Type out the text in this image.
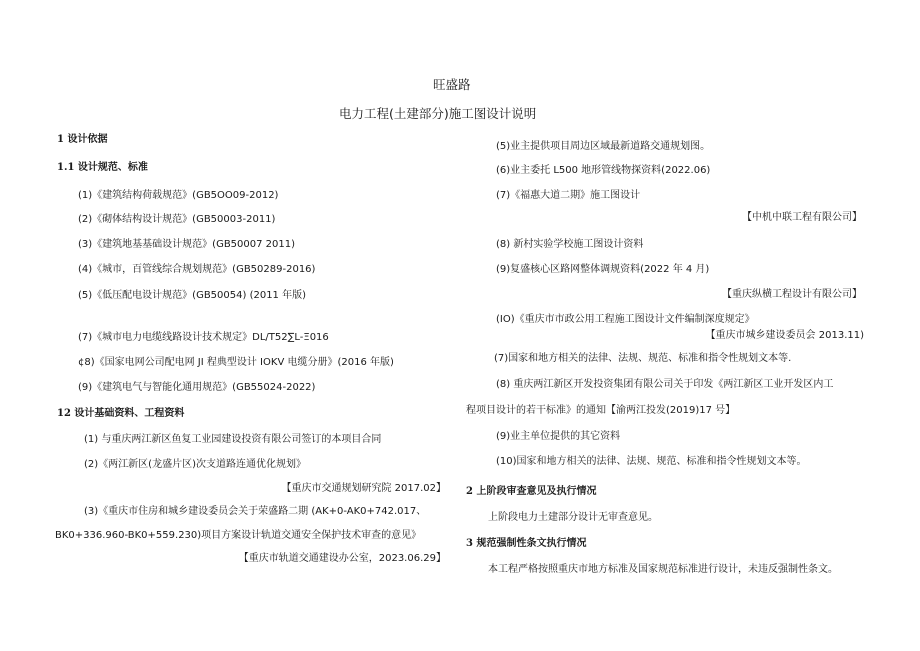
旺盛路
电力工程(土建部分)施工图设计说明
1 设计依据
1.1 设计规范、标准
(1)《建筑结构荷载规范》(GB5OO09-2012)
(2)《砌体结构设计规范》(GB50003-2011)
(3)《建筑地基基础设计规范》(GB50007 2011)
(4)《城市，百管线综合规划规范》(GB50289-2016)
(5)《低压配电设计规范》(GB50054) (2011 年版)
(7)《城市电力电缆线路设计技术规定》DL/T52∑L-Ξ016
¢8)《国家电网公司配电网 JI 程典型设计 IOKV 电缆分册》(2016 年版)
(9)《建筑电气与智能化通用规范》(GB55024-2022)
12 设计基础资料、工程资料
(1) 与重庆两江新区鱼复工业园建设投资有限公司签订的本项目合同
(2)《两江新区(龙盛片区)次支道路连通优化规划》
【重庆市交通规划研究院 2017.02】
(3)《重庆市住房和城乡建设委员会关于荣盛路二期 (AK+0-AK0+742.017、
BK0+336.960-BK0+559.230)项目方案设计轨道交通安全保护技术审查的意见》
【重庆市轨道交通建设办公室，2023.06.29】
(5)业主提供项目周边区域最新道路交通规划图。
(6)业主委托 L500 地形管线物探资料(2022.06)
(7)《福惠大道二期》施工图设计
【中机中联工程有限公司】
(8) 新村实验学校施工图设计资料
(9)复盛核心区路网整体调规资料(2022 年 4 月)
【重庆纵横工程设计有限公司】
(IO)《重庆市市政公用工程施工图设计文件编制深度规定》
【重庆市城乡建设委员会 2013.11)
(7)国家和地方相关的法律、法规、规范、标准和指令性规划文本等.
(8) 重庆两江新区开发投资集团有限公司关于印发《两江新区工业开发区内工
程项目设计的若干标准》的通知【渝两江投发(2019)17 号】
(9)业主单位提供的其它资料
(10)国家和地方相关的法律、法规、规范、标准和指令性规划文本等。
2 上阶段审查意见及执行情况
上阶段电力土建部分设计无审查意见。
3 规范强制性条文执行情况
本工程严格按照重庆市地方标准及国家规范标准进行设计，未违反强制性条文。
